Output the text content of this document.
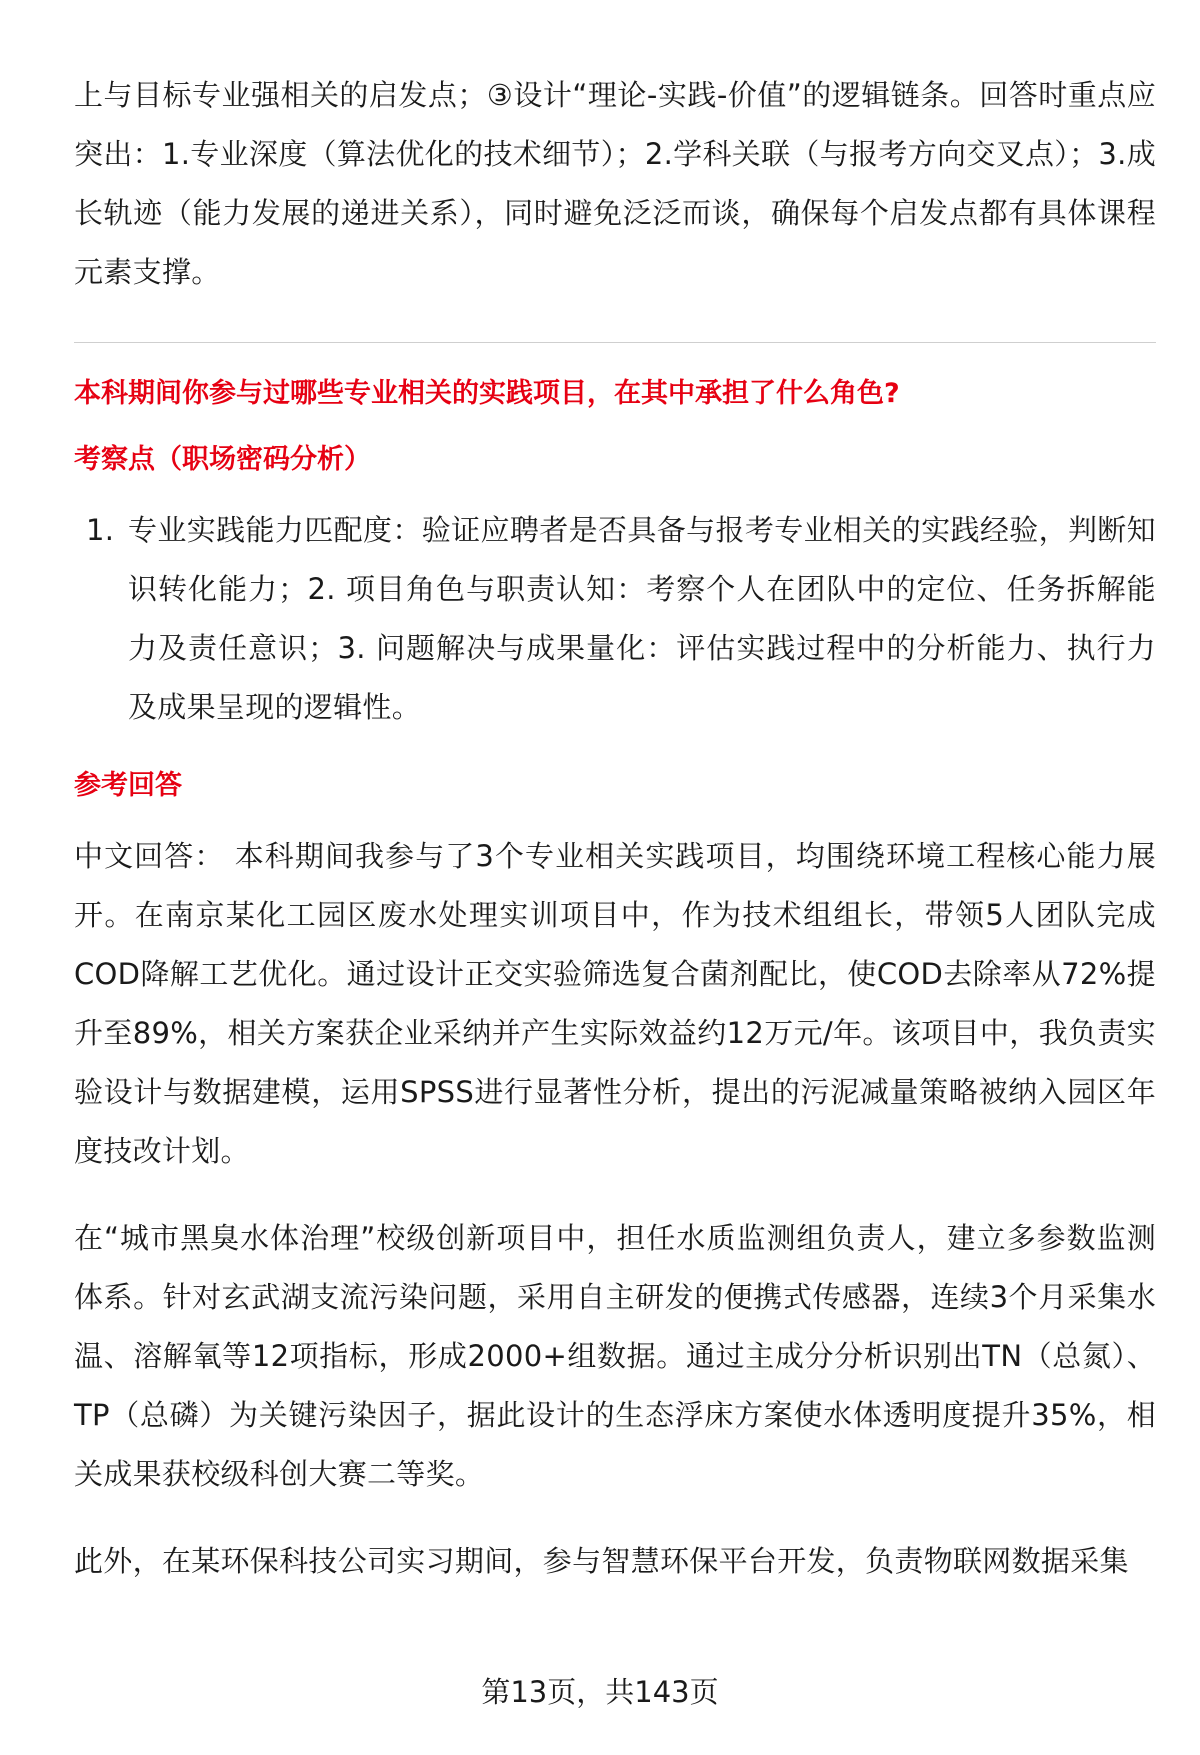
上与目标专业强相关的启发点；③设计“理论-实践-价值”的逻辑链条。回答时重点应突出：1.专业深度（算法优化的技术细节）；2.学科关联（与报考方向交叉点）；3.成长轨迹（能力发展的递进关系），同时避免泛泛而谈，确保每个启发点都有具体课程元素支撑。

本科期间你参与过哪些专业相关的实践项目，在其中承担了什么角色?

考察点（职场密码分析）
1. 专业实践能力匹配度：验证应聘者是否具备与报考专业相关的实践经验，判断知识转化能力；2. 项目角色与职责认知：考察个人在团队中的定位、任务拆解能力及责任意识；3. 问题解决与成果量化：评估实践过程中的分析能力、执行力及成果呈现的逻辑性。
参考回答

中文回答： 本科期间我参与了3个专业相关实践项目，均围绕环境工程核心能力展开。在南京某化工园区废水处理实训项目中，作为技术组组长，带领5人团队完成COD降解工艺优化。通过设计正交实验筛选复合菌剂配比，使COD去除率从72%提升至89%，相关方案获企业采纳并产生实际效益约12万元/年。该项目中，我负责实验设计与数据建模，运用SPSS进行显著性分析，提出的污泥减量策略被纳入园区年度技改计划。

在“城市黑臭水体治理”校级创新项目中，担任水质监测组负责人，建立多参数监测体系。针对玄武湖支流污染问题，采用自主研发的便携式传感器，连续3个月采集水温、溶解氧等12项指标，形成2000+组数据。通过主成分分析识别出TN（总氮）、TP（总磷）为关键污染因子，据此设计的生态浮床方案使水体透明度提升35%，相关成果获校级科创大赛二等奖。

此外，在某环保科技公司实习期间，参与智慧环保平台开发，负责物联网数据采集

第13页，共143页
